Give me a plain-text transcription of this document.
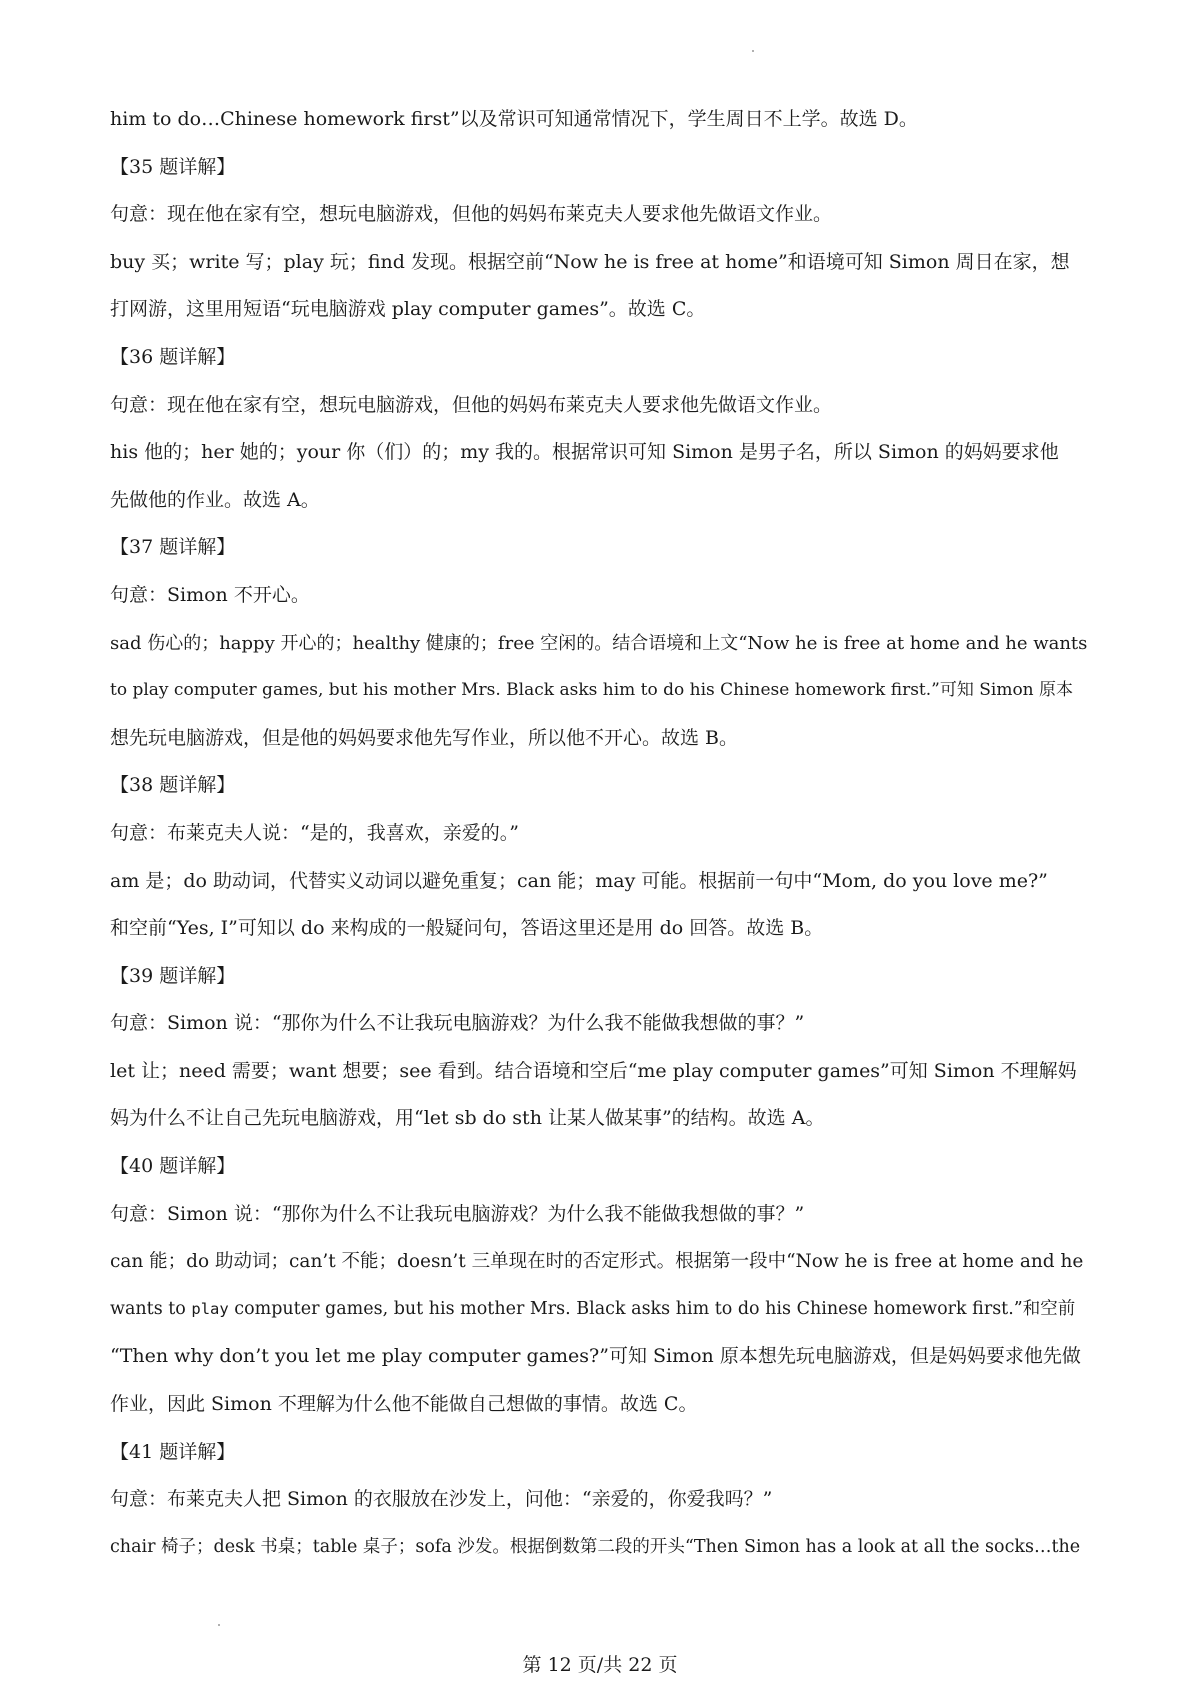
him to do…Chinese homework first”以及常识可知通常情况下，学生周日不上学。故选 D。
【35 题详解】
句意：现在他在家有空，想玩电脑游戏，但他的妈妈布莱克夫人要求他先做语文作业。
buy 买；write 写；play 玩；find 发现。根据空前“Now he is free at home”和语境可知 Simon 周日在家，想
打网游，这里用短语“玩电脑游戏 play computer games”。故选 C。
【36 题详解】
句意：现在他在家有空，想玩电脑游戏，但他的妈妈布莱克夫人要求他先做语文作业。
his 他的；her 她的；your 你（们）的；my 我的。根据常识可知 Simon 是男子名，所以 Simon 的妈妈要求他
先做他的作业。故选 A。
【37 题详解】
句意：Simon 不开心。
sad 伤心的；happy 开心的；healthy 健康的；free 空闲的。结合语境和上文“Now he is free at home and he wants
to play computer games, but his mother Mrs. Black asks him to do his Chinese homework first.”可知 Simon 原本
想先玩电脑游戏，但是他的妈妈要求他先写作业，所以他不开心。故选 B。
【38 题详解】
句意：布莱克夫人说：“是的，我喜欢，亲爱的。”
am 是；do 助动词，代替实义动词以避免重复；can 能；may 可能。根据前一句中“Mom, do you love me?”
和空前“Yes, I”可知以 do 来构成的一般疑问句，答语这里还是用 do 回答。故选 B。
【39 题详解】
句意：Simon 说：“那你为什么不让我玩电脑游戏？为什么我不能做我想做的事？”
let 让；need 需要；want 想要；see 看到。结合语境和空后“me play computer games”可知 Simon 不理解妈
妈为什么不让自己先玩电脑游戏，用“let sb do sth 让某人做某事”的结构。故选 A。
【40 题详解】
句意：Simon 说：“那你为什么不让我玩电脑游戏？为什么我不能做我想做的事？”
can 能；do 助动词；can’t 不能；doesn’t 三单现在时的否定形式。根据第一段中“Now he is free at home and he
wants to play computer games, but his mother Mrs. Black asks him to do his Chinese homework first.”和空前
“Then why don’t you let me play computer games?”可知 Simon 原本想先玩电脑游戏，但是妈妈要求他先做
作业，因此 Simon 不理解为什么他不能做自己想做的事情。故选 C。
【41 题详解】
句意：布莱克夫人把 Simon 的衣服放在沙发上，问他：“亲爱的，你爱我吗？”
chair 椅子；desk 书桌；table 桌子；sofa 沙发。根据倒数第二段的开头“Then Simon has a look at all the socks…the
第 12 页/共 22 页
